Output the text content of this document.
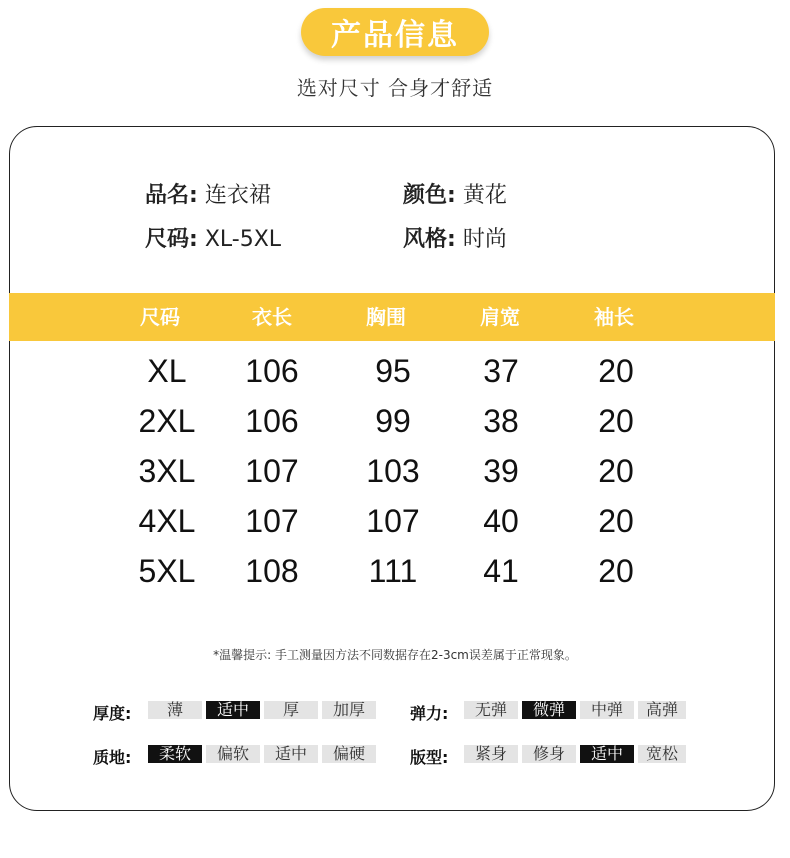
产品信息
选对尺寸 合身才舒适
品名: 连衣裙	颜色: 黄花
尺码: XL-5XL	风格: 时尚
尺码	衣长	胸围	肩宽	袖长
XL	106	95	37	20
2XL	106	99	38	20
3XL	107	103	39	20
4XL	107	107	40	20
5XL	108	111	41	20
*温馨提示: 手工测量因方法不同数据存在2-3cm误差属于正常现象。
厚度:	薄	适中	厚	加厚	弹力:	无弹	微弹	中弹	高弹
质地:	柔软	偏软	适中	偏硬	版型:	紧身	修身	适中	宽松
